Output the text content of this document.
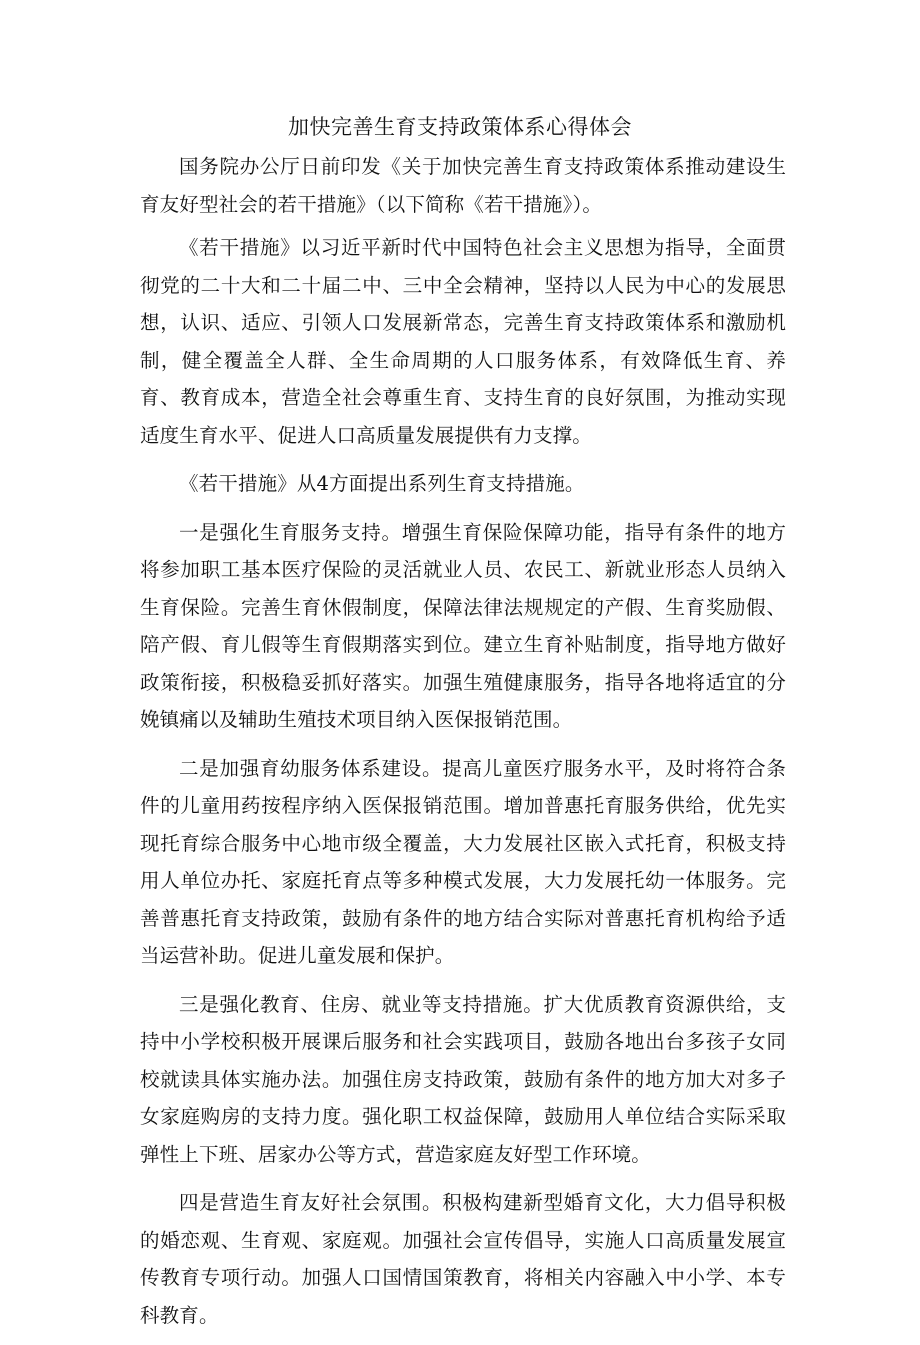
加快完善生育支持政策体系心得体会

国务院办公厅日前印发《关于加快完善生育支持政策体系推动建设生育友好型社会的若干措施》（以下简称《若干措施》）。

《若干措施》以习近平新时代中国特色社会主义思想为指导，全面贯彻党的二十大和二十届二中、三中全会精神，坚持以人民为中心的发展思想，认识、适应、引领人口发展新常态，完善生育支持政策体系和激励机制，健全覆盖全人群、全生命周期的人口服务体系，有效降低生育、养育、教育成本，营造全社会尊重生育、支持生育的良好氛围，为推动实现适度生育水平、促进人口高质量发展提供有力支撑。

《若干措施》从4方面提出系列生育支持措施。

一是强化生育服务支持。增强生育保险保障功能，指导有条件的地方将参加职工基本医疗保险的灵活就业人员、农民工、新就业形态人员纳入生育保险。完善生育休假制度，保障法律法规规定的产假、生育奖励假、陪产假、育儿假等生育假期落实到位。建立生育补贴制度，指导地方做好政策衔接，积极稳妥抓好落实。加强生殖健康服务，指导各地将适宜的分娩镇痛以及辅助生殖技术项目纳入医保报销范围。

二是加强育幼服务体系建设。提高儿童医疗服务水平，及时将符合条件的儿童用药按程序纳入医保报销范围。增加普惠托育服务供给，优先实现托育综合服务中心地市级全覆盖，大力发展社区嵌入式托育，积极支持用人单位办托、家庭托育点等多种模式发展，大力发展托幼一体服务。完善普惠托育支持政策，鼓励有条件的地方结合实际对普惠托育机构给予适当运营补助。促进儿童发展和保护。

三是强化教育、住房、就业等支持措施。扩大优质教育资源供给，支持中小学校积极开展课后服务和社会实践项目，鼓励各地出台多孩子女同校就读具体实施办法。加强住房支持政策，鼓励有条件的地方加大对多子女家庭购房的支持力度。强化职工权益保障，鼓励用人单位结合实际采取弹性上下班、居家办公等方式，营造家庭友好型工作环境。

四是营造生育友好社会氛围。积极构建新型婚育文化，大力倡导积极的婚恋观、生育观、家庭观。加强社会宣传倡导，实施人口高质量发展宣传教育专项行动。加强人口国情国策教育，将相关内容融入中小学、本专科教育。
